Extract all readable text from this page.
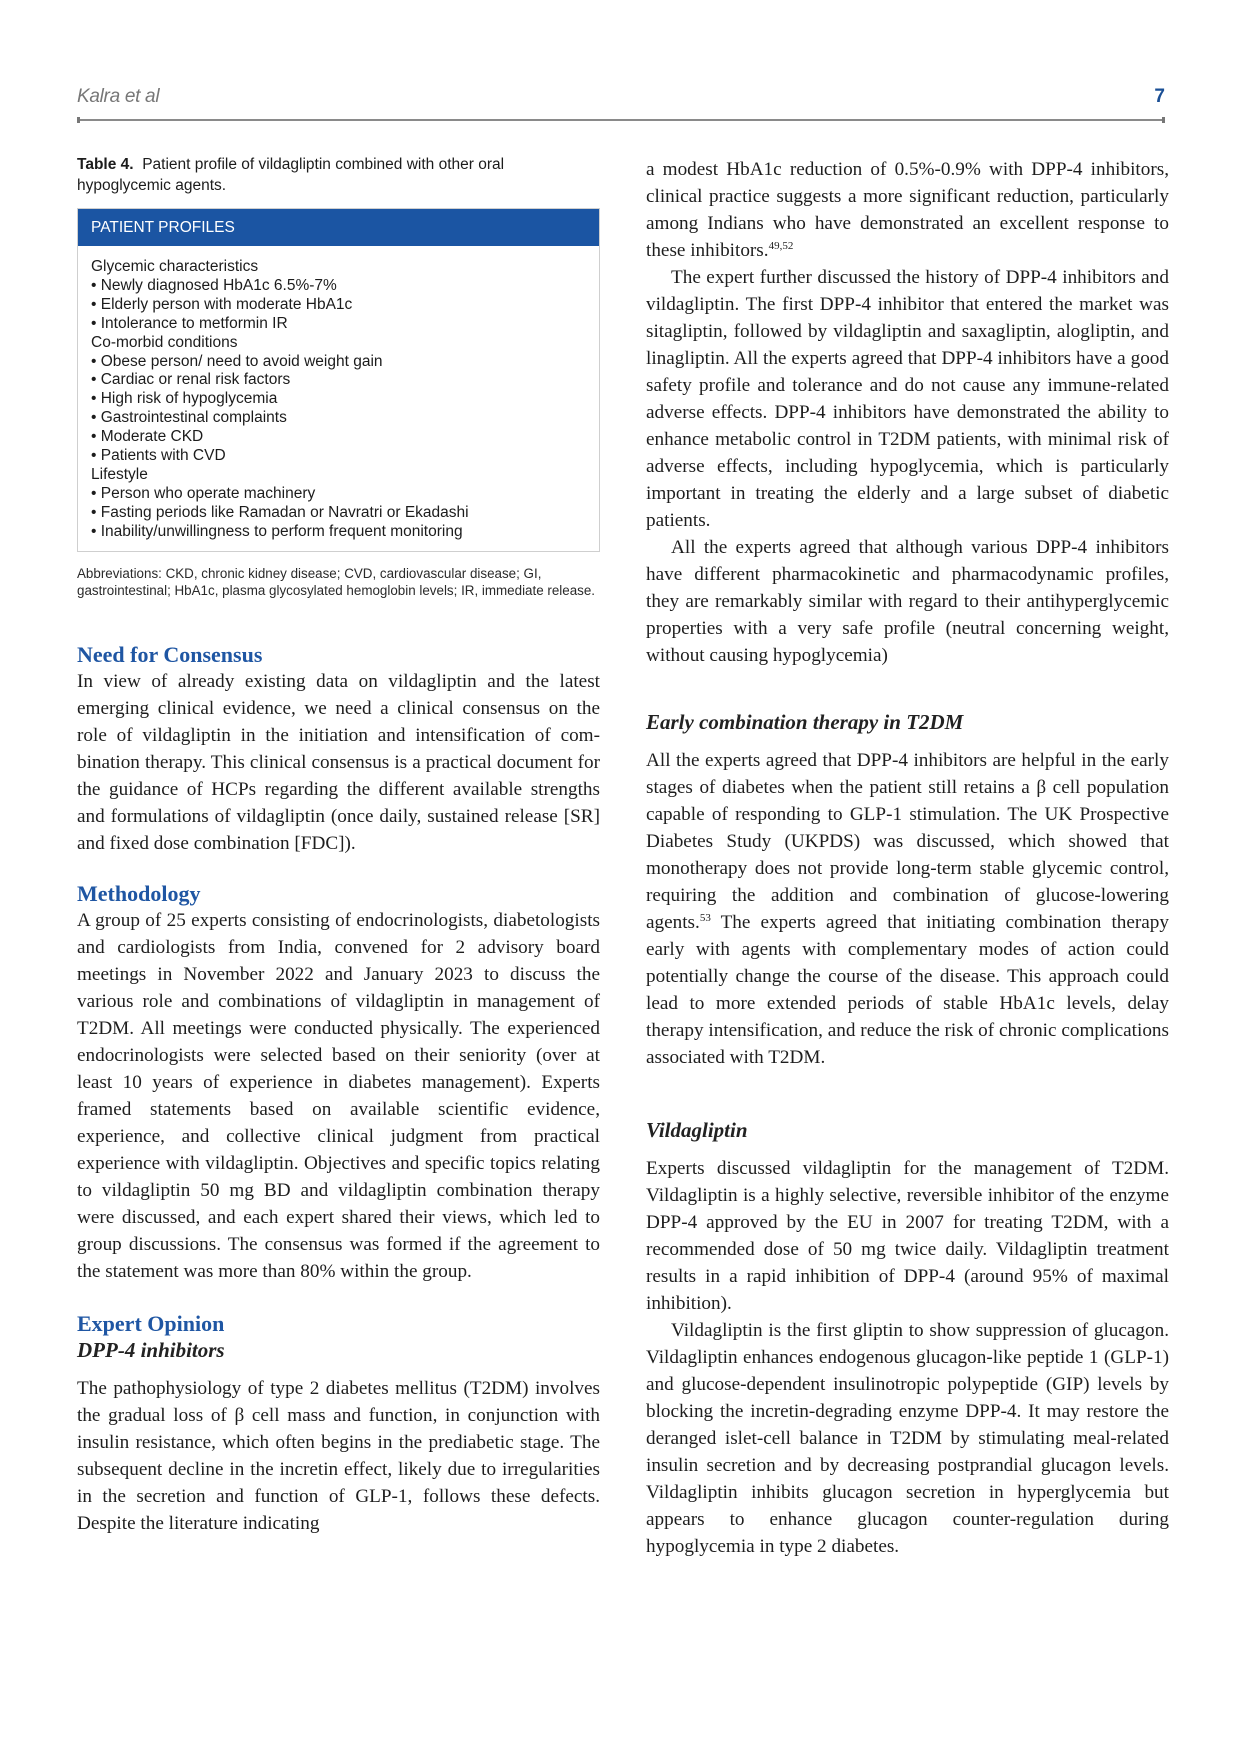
Kalra et al	7

Table 4. Patient profile of vildagliptin combined with other oral hypoglycemic agents.

PATIENT PROFILES
Glycemic characteristics
• Newly diagnosed HbA1c 6.5%-7%
• Elderly person with moderate HbA1c
• Intolerance to metformin IR
Co-morbid conditions
• Obese person/ need to avoid weight gain
• Cardiac or renal risk factors
• High risk of hypoglycemia
• Gastrointestinal complaints
• Moderate CKD
• Patients with CVD
Lifestyle
• Person who operate machinery
• Fasting periods like Ramadan or Navratri or Ekadashi
• Inability/unwillingness to perform frequent monitoring

Abbreviations: CKD, chronic kidney disease; CVD, cardiovascular disease; GI, gastrointestinal; HbA1c, plasma glycosylated hemoglobin levels; IR, immediate release.

Need for Consensus

In view of already existing data on vildagliptin and the latest emerging clinical evidence, we need a clinical consensus on the role of vildagliptin in the initiation and intensification of combination therapy. This clinical consensus is a practical document for the guidance of HCPs regarding the different available strengths and formulations of vildagliptin (once daily, sustained release [SR] and fixed dose combination [FDC]).

Methodology

A group of 25 experts consisting of endocrinologists, diabetologists and cardiologists from India, convened for 2 advisory board meetings in November 2022 and January 2023 to discuss the various role and combinations of vildagliptin in management of T2DM. All meetings were conducted physically. The experienced endocrinologists were selected based on their seniority (over at least 10 years of experience in diabetes management). Experts framed statements based on available scientific evidence, experience, and collective clinical judgment from practical experience with vildagliptin. Objectives and specific topics relating to vildagliptin 50 mg BD and vildagliptin combination therapy were discussed, and each expert shared their views, which led to group discussions. The consensus was formed if the agreement to the statement was more than 80% within the group.

Expert Opinion
DPP-4 inhibitors

The pathophysiology of type 2 diabetes mellitus (T2DM) involves the gradual loss of β cell mass and function, in conjunction with insulin resistance, which often begins in the prediabetic stage. The subsequent decline in the incretin effect, likely due to irregularities in the secretion and function of GLP-1, follows these defects. Despite the literature indicating

a modest HbA1c reduction of 0.5%-0.9% with DPP-4 inhibitors, clinical practice suggests a more significant reduction, particularly among Indians who have demonstrated an excellent response to these inhibitors.$^{49,52}$

The expert further discussed the history of DPP-4 inhibitors and vildagliptin. The first DPP-4 inhibitor that entered the market was sitagliptin, followed by vildagliptin and saxagliptin, alogliptin, and linagliptin. All the experts agreed that DPP-4 inhibitors have a good safety profile and tolerance and do not cause any immune-related adverse effects. DPP-4 inhibitors have demonstrated the ability to enhance metabolic control in T2DM patients, with minimal risk of adverse effects, including hypoglycemia, which is particularly important in treating the elderly and a large subset of diabetic patients.

All the experts agreed that although various DPP-4 inhibitors have different pharmacokinetic and pharmacodynamic profiles, they are remarkably similar with regard to their antihyperglycemic properties with a very safe profile (neutral concerning weight, without causing hypoglycemia)

Early combination therapy in T2DM

All the experts agreed that DPP-4 inhibitors are helpful in the early stages of diabetes when the patient still retains a β cell population capable of responding to GLP-1 stimulation. The UK Prospective Diabetes Study (UKPDS) was discussed, which showed that monotherapy does not provide long-term stable glycemic control, requiring the addition and combination of glucose-lowering agents.$^{53}$ The experts agreed that initiating combination therapy early with agents with complementary modes of action could potentially change the course of the disease. This approach could lead to more extended periods of stable HbA1c levels, delay therapy intensification, and reduce the risk of chronic complications associated with T2DM.

Vildagliptin

Experts discussed vildagliptin for the management of T2DM. Vildagliptin is a highly selective, reversible inhibitor of the enzyme DPP-4 approved by the EU in 2007 for treating T2DM, with a recommended dose of 50 mg twice daily. Vildagliptin treatment results in a rapid inhibition of DPP-4 (around 95% of maximal inhibition).

Vildagliptin is the first gliptin to show suppression of glucagon. Vildagliptin enhances endogenous glucagon-like peptide 1 (GLP-1) and glucose-dependent insulinotropic polypeptide (GIP) levels by blocking the incretin-degrading enzyme DPP-4. It may restore the deranged islet-cell balance in T2DM by stimulating meal-related insulin secretion and by decreasing postprandial glucagon levels. Vildagliptin inhibits glucagon secretion in hyperglycemia but appears to enhance glucagon counter-regulation during hypoglycemia in type 2 diabetes.
